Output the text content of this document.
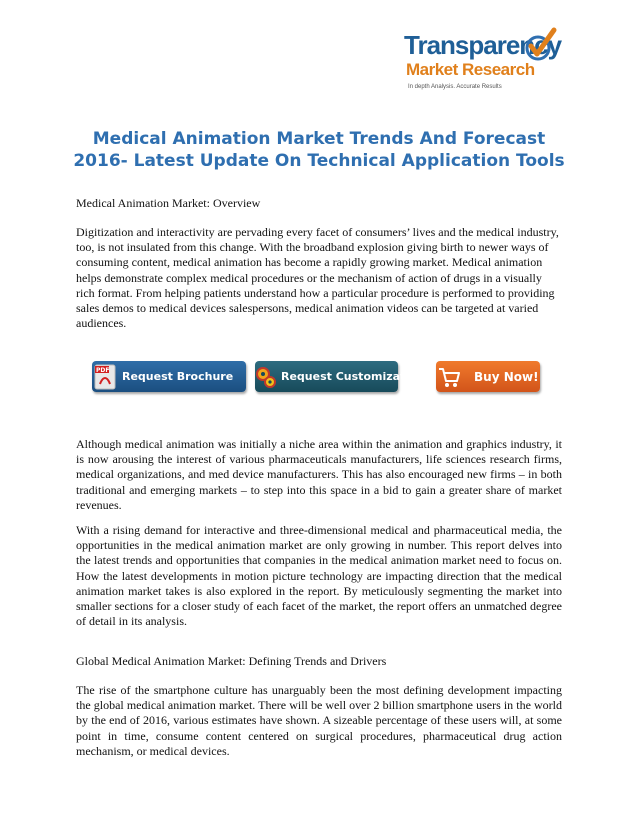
Transparency
Market Research
In depth Analysis. Accurate Results
Medical Animation Market Trends And Forecast
2016- Latest Update On Technical Application Tools

Medical Animation Market: Overview

Digitization and interactivity are pervading every facet of consumers’ lives and the medical industry, too, is not insulated from this change. With the broadband explosion giving birth to newer ways of consuming content, medical animation has become a rapidly growing market. Medical animation helps demonstrate complex medical procedures or the mechanism of action of drugs in a visually rich format. From helping patients understand how a particular procedure is performed to providing sales demos to medical devices salespersons, medical animation videos can be targeted at varied audiences.

PDF Request Brochure	Request Customization	Buy Now!

Although medical animation was initially a niche area within the animation and graphics industry, it is now arousing the interest of various pharmaceuticals manufacturers, life sciences research firms, medical organizations, and med device manufacturers. This has also encouraged new firms – in both traditional and emerging markets – to step into this space in a bid to gain a greater share of market revenues.

With a rising demand for interactive and three-dimensional medical and pharmaceutical media, the opportunities in the medical animation market are only growing in number. This report delves into the latest trends and opportunities that companies in the medical animation market need to focus on. How the latest developments in motion picture technology are impacting direction that the medical animation market takes is also explored in the report. By meticulously segmenting the market into smaller sections for a closer study of each facet of the market, the report offers an unmatched degree of detail in its analysis.

Global Medical Animation Market: Defining Trends and Drivers

The rise of the smartphone culture has unarguably been the most defining development impacting the global medical animation market. There will be well over 2 billion smartphone users in the world by the end of 2016, various estimates have shown. A sizeable percentage of these users will, at some point in time, consume content centered on surgical procedures, pharmaceutical drug action mechanism, or medical devices.
